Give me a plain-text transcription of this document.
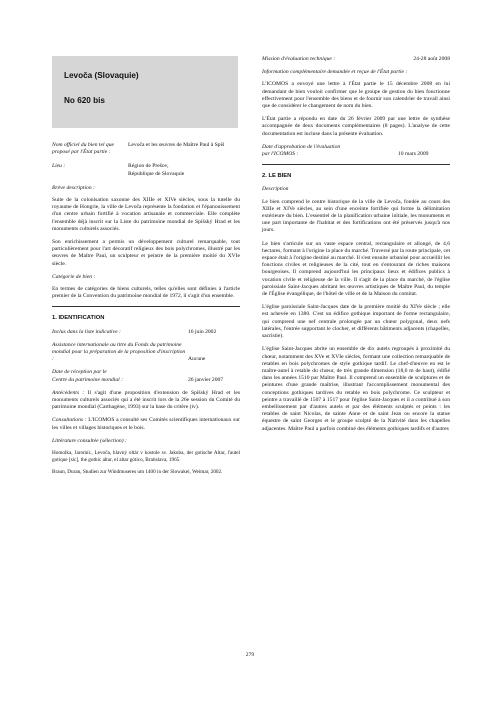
Levoča (Slovaquie)
No 620 bis
Nom officiel du bien tel que proposé par l'État partie :
Levoča et les œuvres de Maître Paul à Spiš
Lieu :	Région de Prešov,
République de Slovaquie
Brève description :

Suite de la colonisation saxonne des XIIIe et XIVe siècles, sous la tutelle du royaume de Hongrie, la ville de Levoča représente la fondation et l'épanouissement d'un centre urbain fortifié à vocation artisanale et commerciale. Elle complète l'ensemble déjà inscrit sur la Liste du patrimoine mondial de Spišský Hrad et les monuments culturels associés.

Son enrichissement a permis un développement culturel remarquable, tout particulièrement pour l'art décoratif religieux des bois polychromes, illustré par les œuvres de Maître Paul, un sculpteur et peintre de la première moitié du XVIe siècle.

Catégorie de bien :

En termes de catégories de biens culturels, telles qu'elles sont définies à l'article premier de la Convention du patrimoine mondial de 1972, il s'agit d'un ensemble.

1. IDENTIFICATION
Inclus dans la liste indicative :	16 juin 2002
Assistance internationale au titre du Fonds du patrimoine mondial pour la préparation de la proposition d'inscription :	Aucune
Date de réception par le
Centre du patrimoine mondial :	26 janvier 2007

Antécédents : Il s'agit d'une proposition d'extension de Spišský Hrad et les monuments culturels associés qui a été inscrit lors de la 26e session du Comité du patrimoine mondial (Carthagène, 1993) sur la base du critère (iv).

Consultations : L'ICOMOS a consulté ses Comités scientifiques internationaux sur les villes et villages historiques et le bois.

Littérature consultée (sélection) :

Homolka, Jaromír., Levoča, hlavný oltár v kostole sv. Jakuba, der gotische Altar, l'autel gotique [sic], the gothic altar, el altar gótico, Bratislava, 1965.

Braun, Duran, Studien zur Windmuseres um 1400 in der Slowakei, Weimar, 2002.

Mission d'évaluation technique :	24-28 août 2008
Information complémentaire demandée et reçue de l'État partie :

L'ICOMOS a envoyé une lettre à l'État partie le 15 décembre 2008 en lui demandant de bien vouloir confirmer que le groupe de gestion du bien fonctionne effectivement pour l'ensemble des biens et de fournir son calendrier de travail ainsi que de considérer le changement de nom du bien.

L'État partie a répondu en date du 26 février 2009 par une lettre de synthèse accompagnée de deux documents complémentaires (8 pages). L'analyse de cette documentation est incluse dans la présente évaluation.

Date d'approbation de l'évaluation
par l'ICOMOS :	10 mars 2009
2. LE BIEN
Description

Le bien comprend le centre historique de la ville de Levoča, fondée au cours des XIIIe et XIVe siècles, au sein d'une enceinte fortifiée qui forme la délimitation extérieure du bien. L'essentiel de la planification urbaine initiale, les monuments et une part importante de l'habitat et des fortifications ont été préservés jusqu'à nos jours.

Le bien s'articule sur un vaste espace central, rectangulaire et allongé, de 4,6 hectares, formant à l'origine la place du marché. Traversé par la route principale, cet espace était à l'origine destiné au marché. Il s'est ensuite urbanisé pour accueillir les fonctions civiles et religieuses de la cité, tout en s'entourant de riches maisons bourgeoises. Il comprend aujourd'hui les principaux lieux et édifices publics à vocation civile et religieuse de la ville. Il s'agit de la place du marché, de l'église paroissiale Saint-Jacques abritant les œuvres artistiques de Maître Paul, du temple de l'Église évangélique, de l'hôtel de ville et de la Maison du comitat.

L'église paroissiale Saint-Jacques date de la première moitié du XIVe siècle ; elle est achevée en 1380. C'est un édifice gothique important de forme rectangulaire, qui comprend une nef centrale prolongée par un chœur polygonal, deux nefs latérales, l'entrée supportant le clocher, et différents bâtiments adjacents (chapelles, sacristie).

L'église Saint-Jacques abrite un ensemble de dix autels regroupés à proximité du chœur, notamment des XVe et XVIe siècles, formant une collection remarquable de retables en bois polychromes de style gothique tardif. Le chef-d'œuvre en est le maître-autel à retable du chœur, de très grande dimension (18,6 m de haut), édifié dans les années 1510 par Maître Paul. Il comprend un ensemble de sculptures et de peintures d'une grande maîtrise, illustrant l'accomplissement monumental des conceptions gothiques tardives du retable en bois polychrome. Ce sculpteur et peintre a travaillé de 1507 à 1517 pour l'église Saint-Jacques et il a contribué à son embellissement par d'autres autels et par des éléments sculptés et peints : les retables de saint Nicolas, de sainte Anne et de saint Jean ou encore la statue équestre de saint Georges et le groupe sculpté de la Nativité dans les chapelles adjacentes. Maître Paul a parfois combiné des éléments gothiques tardifs et d'autres

279
